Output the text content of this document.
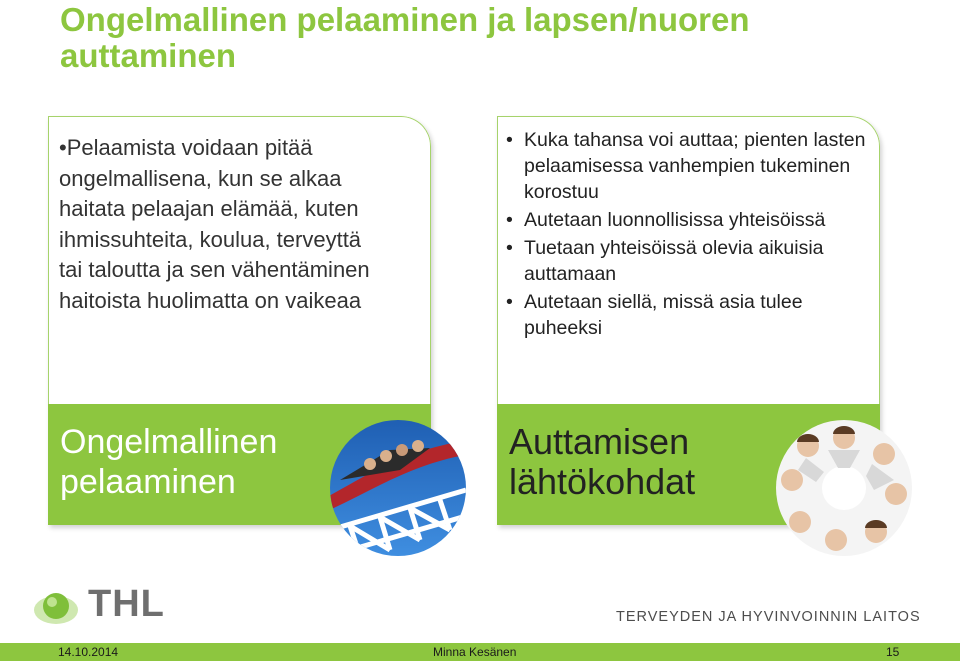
Ongelmallinen pelaaminen ja lapsen/nuoren auttaminen
•Pelaamista voidaan pitää ongelmallisena, kun se alkaa haitata pelaajan elämää, kuten ihmissuhteita, koulua, terveyttä tai taloutta ja sen vähentäminen haitoista huolimatta on vaikeaa
Ongelmallinen
pelaaminen
• Kuka tahansa voi auttaa; pienten lasten pelaamisessa vanhempien tukeminen korostuu
• Autetaan luonnollisissa yhteisöissä
• Tuetaan yhteisöissä olevia aikuisia auttamaan
• Autetaan siellä, missä asia tulee puheeksi
Auttamisen
lähtökohdat
THL	TERVEYDEN JA HYVINVOINNIN LAITOS
14.10.2014	Minna Kesänen	15
